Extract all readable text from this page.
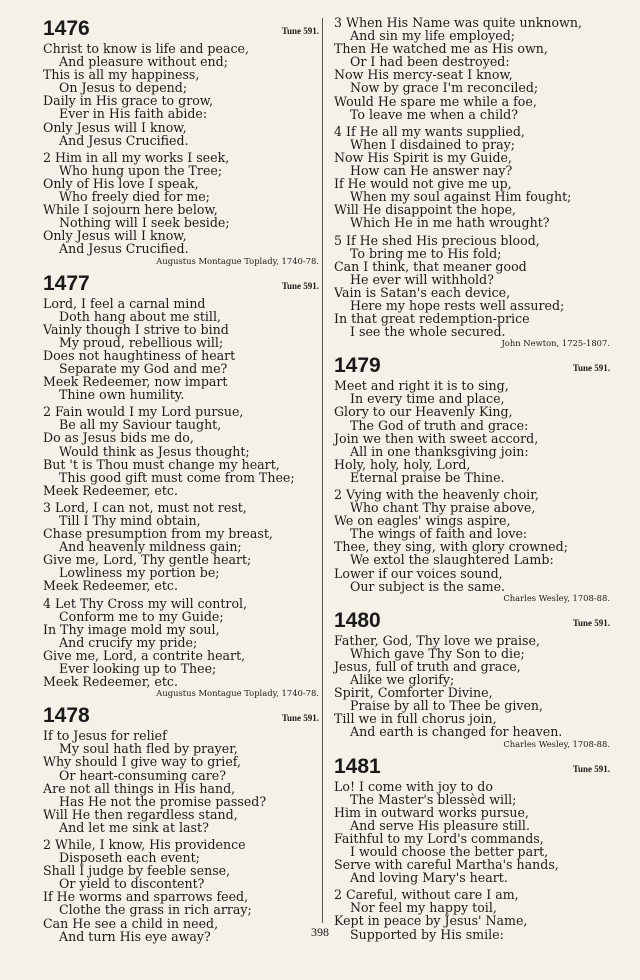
1476	Tune 591.
Christ to know is life and peace,
And pleasure without end;
This is all my happiness,
On Jesus to depend;
Daily in His grace to grow,
Ever in His faith abide:
Only Jesus will I know,
And Jesus Crucified.
2 Him in all my works I seek,
Who hung upon the Tree;
Only of His love I speak,
Who freely died for me;
While I sojourn here below,
Nothing will I seek beside;
Only Jesus will I know,
And Jesus Crucified.
Augustus Montague Toplady, 1740-78.
1477	Tune 591.
Lord, I feel a carnal mind
Doth hang about me still,
Vainly though I strive to bind
My proud, rebellious will;
Does not haughtiness of heart
Separate my God and me?
Meek Redeemer, now impart
Thine own humility.
2 Fain would I my Lord pursue,
Be all my Saviour taught,
Do as Jesus bids me do,
Would think as Jesus thought;
But 't is Thou must change my heart,
This good gift must come from Thee;
Meek Redeemer, etc.
3 Lord, I can not, must not rest,
Till I Thy mind obtain,
Chase presumption from my breast,
And heavenly mildness gain;
Give me, Lord, Thy gentle heart;
Lowliness my portion be;
Meek Redeemer, etc.
4 Let Thy Cross my will control,
Conform me to my Guide;
In Thy image mold my soul,
And crucify my pride;
Give me, Lord, a contrite heart,
Ever looking up to Thee;
Meek Redeemer, etc.
Augustus Montague Toplady, 1740-78.
1478	Tune 591.
If to Jesus for relief
My soul hath fled by prayer,
Why should I give way to grief,
Or heart-consuming care?
Are not all things in His hand,
Has He not the promise passed?
Will He then regardless stand,
And let me sink at last?
2 While, I know, His providence
Disposeth each event;
Shall I judge by feeble sense,
Or yield to discontent?
If He worms and sparrows feed,
Clothe the grass in rich array;
Can He see a child in need,
And turn His eye away?
3 When His Name was quite unknown,
And sin my life employed;
Then He watched me as His own,
Or I had been destroyed:
Now His mercy-seat I know,
Now by grace I'm reconciled;
Would He spare me while a foe,
To leave me when a child?
4 If He all my wants supplied,
When I disdained to pray;
Now His Spirit is my Guide,
How can He answer nay?
If He would not give me up,
When my soul against Him fought;
Will He disappoint the hope,
Which He in me hath wrought?
5 If He shed His precious blood,
To bring me to His fold;
Can I think, that meaner good
He ever will withhold?
Vain is Satan's each device,
Here my hope rests well assured;
In that great redemption-price
I see the whole secured.
John Newton, 1725-1807.
1479	Tune 591.
Meet and right it is to sing,
In every time and place,
Glory to our Heavenly King,
The God of truth and grace:
Join we then with sweet accord,
All in one thanksgiving join:
Holy, holy, holy, Lord,
Eternal praise be Thine.
2 Vying with the heavenly choir,
Who chant Thy praise above,
We on eagles' wings aspire,
The wings of faith and love:
Thee, they sing, with glory crowned;
We extol the slaughtered Lamb:
Lower if our voices sound,
Our subject is the same.
Charles Wesley, 1708-88.
1480	Tune 591.
Father, God, Thy love we praise,
Which gave Thy Son to die;
Jesus, full of truth and grace,
Alike we glorify;
Spirit, Comforter Divine,
Praise by all to Thee be given,
Till we in full chorus join,
And earth is changed for heaven.
Charles Wesley, 1708-88.
1481	Tune 591.
Lo! I come with joy to do
The Master's blessèd will;
Him in outward works pursue,
And serve His pleasure still.
Faithful to my Lord's commands,
I would choose the better part,
Serve with careful Martha's hands,
And loving Mary's heart.
2 Careful, without care I am,
Nor feel my happy toil,
Kept in peace by Jesus' Name,
Supported by His smile:
398
